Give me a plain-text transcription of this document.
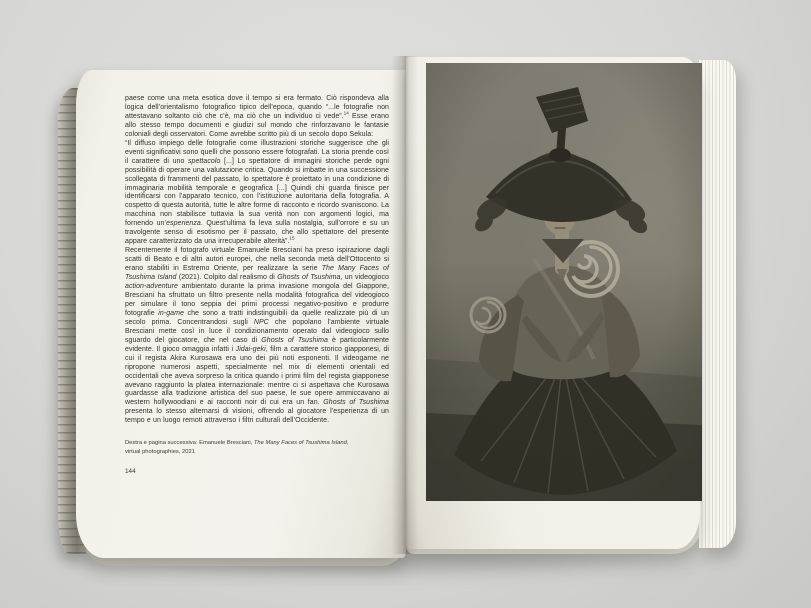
paese come una meta esotica dove il tempo si era fermato. Ciò rispondeva alla logica dell’orientalismo fotografico tipico dell’epoca, quando “...le fotografie non attestavano soltanto ciò che c’è, ma ciò che un individuo ci vede”.$^{14}$ Esse erano allo stesso tempo documenti e giudizi sul mondo che rinforzavano le fantasie coloniali degli osservatori. Come avrebbe scritto più di un secolo dopo Sekula:

“Il diffuso impiego delle fotografie come illustrazioni storiche suggerisce che gli eventi significativi sono quelli che possono essere fotografati. La storia prende così il carattere di uno spettacolo [...] Lo spettatore di immagini storiche perde ogni possibilità di operare una valutazione critica. Quando si imbatte in una successione scollegata di frammenti del passato, lo spettatore è proiettato in una condizione di immaginaria mobilità temporale e geografica [...] Quindi chi guarda finisce per identificarsi con l’apparato tecnico, con l’istituzione autoritaria della fotografia. A cospetto di questa autorità, tutte le altre forme di racconto e ricordo svaniscono. La macchina non stabilisce tuttavia la sua verità non con argomenti logici, ma fornendo un’esperienza. Quest’ultima fa leva sulla nostalgia, sull’orrore e su un travolgente senso di esotismo per il passato, che allo spettatore del presente appare caratterizzato da una irrecuperabile alterità”.$^{15}$

Recentemente il fotografo virtuale Emanuele Bresciani ha preso ispirazione dagli scatti di Beato e di altri autori europei, che nella seconda metà dell’Ottocento si erano stabiliti in Estremo Oriente, per realizzare la serie The Many Faces of Tsushima Island (2021). Colpito dal realismo di Ghosts of Tsushima, un videogioco action-adventure ambientato durante la prima invasione mongola del Giappone, Bresciani ha sfruttato un filtro presente nella modalità fotografica del videogioco per simulare il tono seppia dei primi processi negativo-positivo e produrre fotografie in-game che sono a tratti indistinguibili da quelle realizzate più di un secolo prima. Concentrandosi sugli NPC che popolano l’ambiente virtuale Bresciani mette così in luce il condizionamento operato dal videogioco sullo sguardo del giocatore, che nel caso di Ghosts of Tsushima è particolarmente evidente. Il gioco omaggia infatti i Jidai-geki, film a carattere storico giapponesi, di cui il regista Akira Kurosawa era uno dei più noti esponenti. Il videogame ne ripropone numerosi aspetti, specialmente nel mix di elementi orientali ed occidentali che aveva sorpreso la critica quando i primi film del regista giapponese avevano raggiunto la platea internazionale: mentre ci si aspettava che Kurosawa guardasse alla tradizione artistica del suo paese, le sue opere ammiccavano ai western hollywoodiani e ai racconti noir di cui era un fan. Ghosts of Tsushima presenta lo stesso alternarsi di visioni, offrendo al giocatore l’esperienza di un tempo e un luogo remoti attraverso i filtri culturali dell’Occidente.

Destra e pagina successiva: Emanuele Bresciani, The Many Faces of Tsushima Island, virtual photographies, 2021
144
